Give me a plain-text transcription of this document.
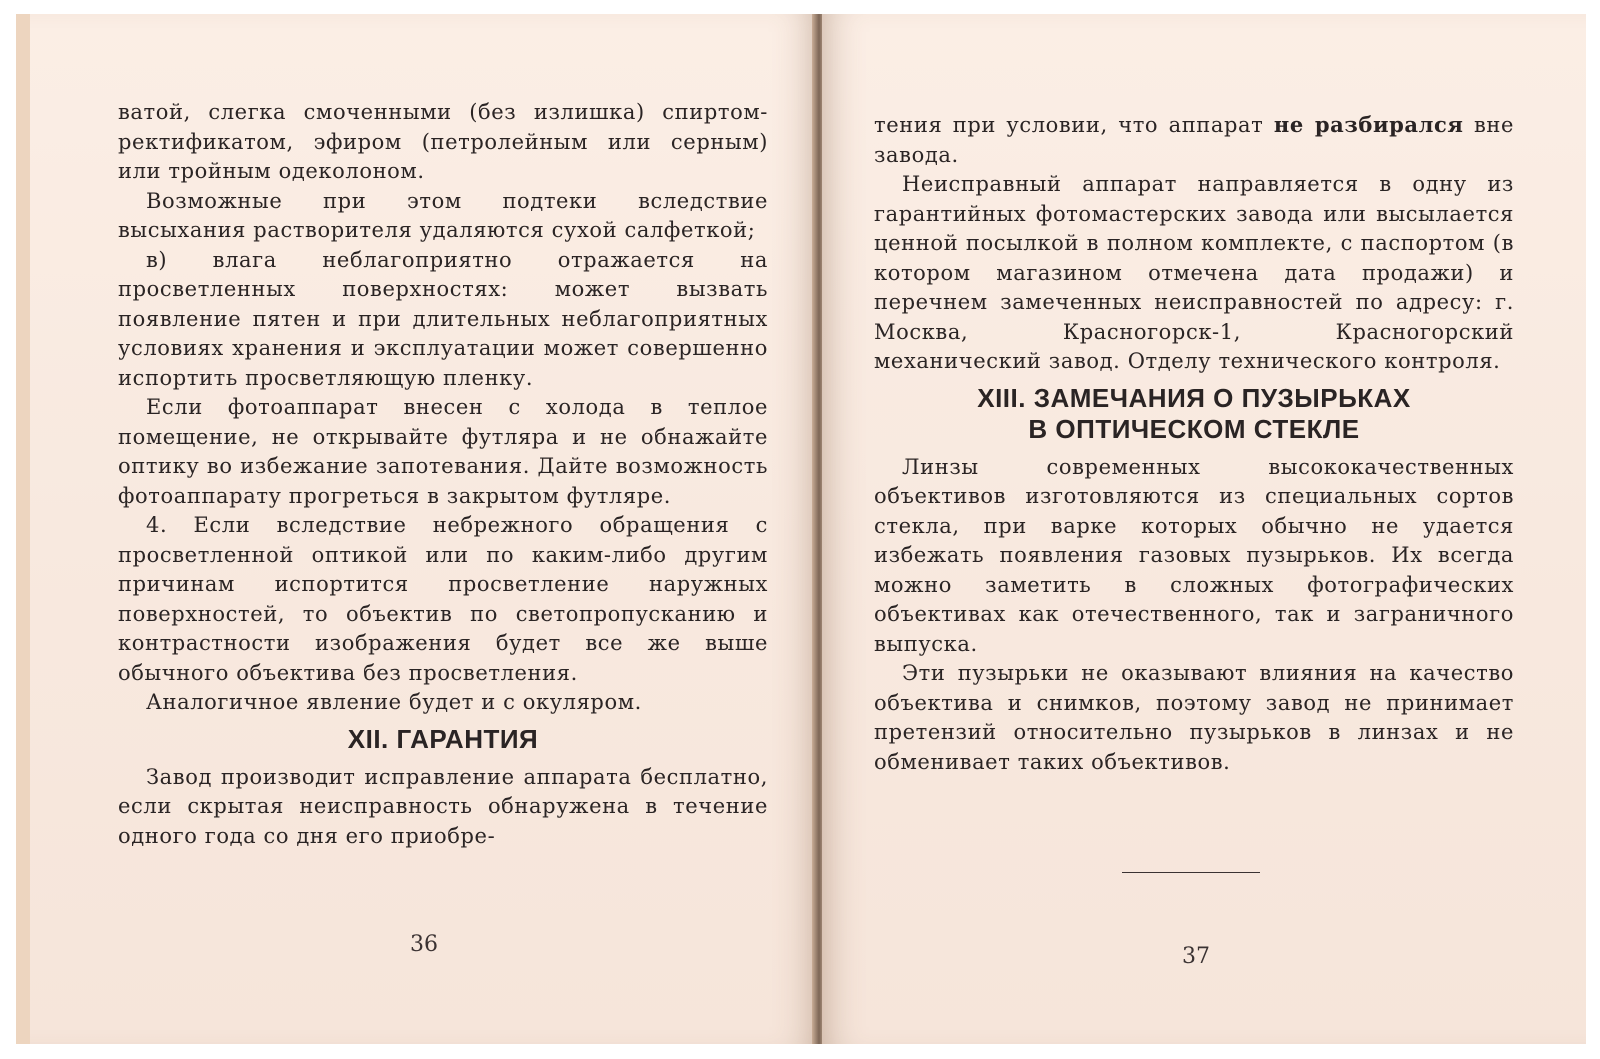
ватой, слегка смоченными (без излишка) спиртом-ректификатом, эфиром (петролейным или серным) или тройным одеколоном.

Возможные при этом подтеки вследствие высыхания растворителя удаляются сухой салфеткой;

в) влага неблагоприятно отражается на просветленных поверхностях: может вызвать появление пятен и при длительных неблагоприятных условиях хранения и эксплуатации может совершенно испортить просветляющую пленку.

Если фотоаппарат внесен с холода в теплое помещение, не открывайте футляра и не обнажайте оптику во избежание запотевания. Дайте возможность фотоаппарату прогреться в закрытом футляре.

4. Если вследствие небрежного обращения с просветленной оптикой или по каким-либо другим причинам испортится просветление наружных поверхностей, то объектив по светопропусканию и контрастности изображения будет все же выше обычного объектива без просветления.

Аналогичное явление будет и с окуляром.

XII. ГАРАНТИЯ

Завод производит исправление аппарата бесплатно, если скрытая неисправность обнаружена в течение одного года со дня его приобре-

36

тения при условии, что аппарат не разбирался вне завода.

Неисправный аппарат направляется в одну из гарантийных фотомастерских завода или высылается ценной посылкой в полном комплекте, с паспортом (в котором магазином отмечена дата продажи) и перечнем замеченных неисправностей по адресу: г. Москва, Красногорск-1, Красногорский механический завод. Отделу технического контроля.

XIII. ЗАМЕЧАНИЯ О ПУЗЫРЬКАХ
В ОПТИЧЕСКОМ СТЕКЛЕ

Линзы современных высококачественных объективов изготовляются из специальных сортов стекла, при варке которых обычно не удается избежать появления газовых пузырьков. Их всегда можно заметить в сложных фотографических объективах как отечественного, так и заграничного выпуска.

Эти пузырьки не оказывают влияния на качество объектива и снимков, поэтому завод не принимает претензий относительно пузырьков в линзах и не обменивает таких объективов.

37
